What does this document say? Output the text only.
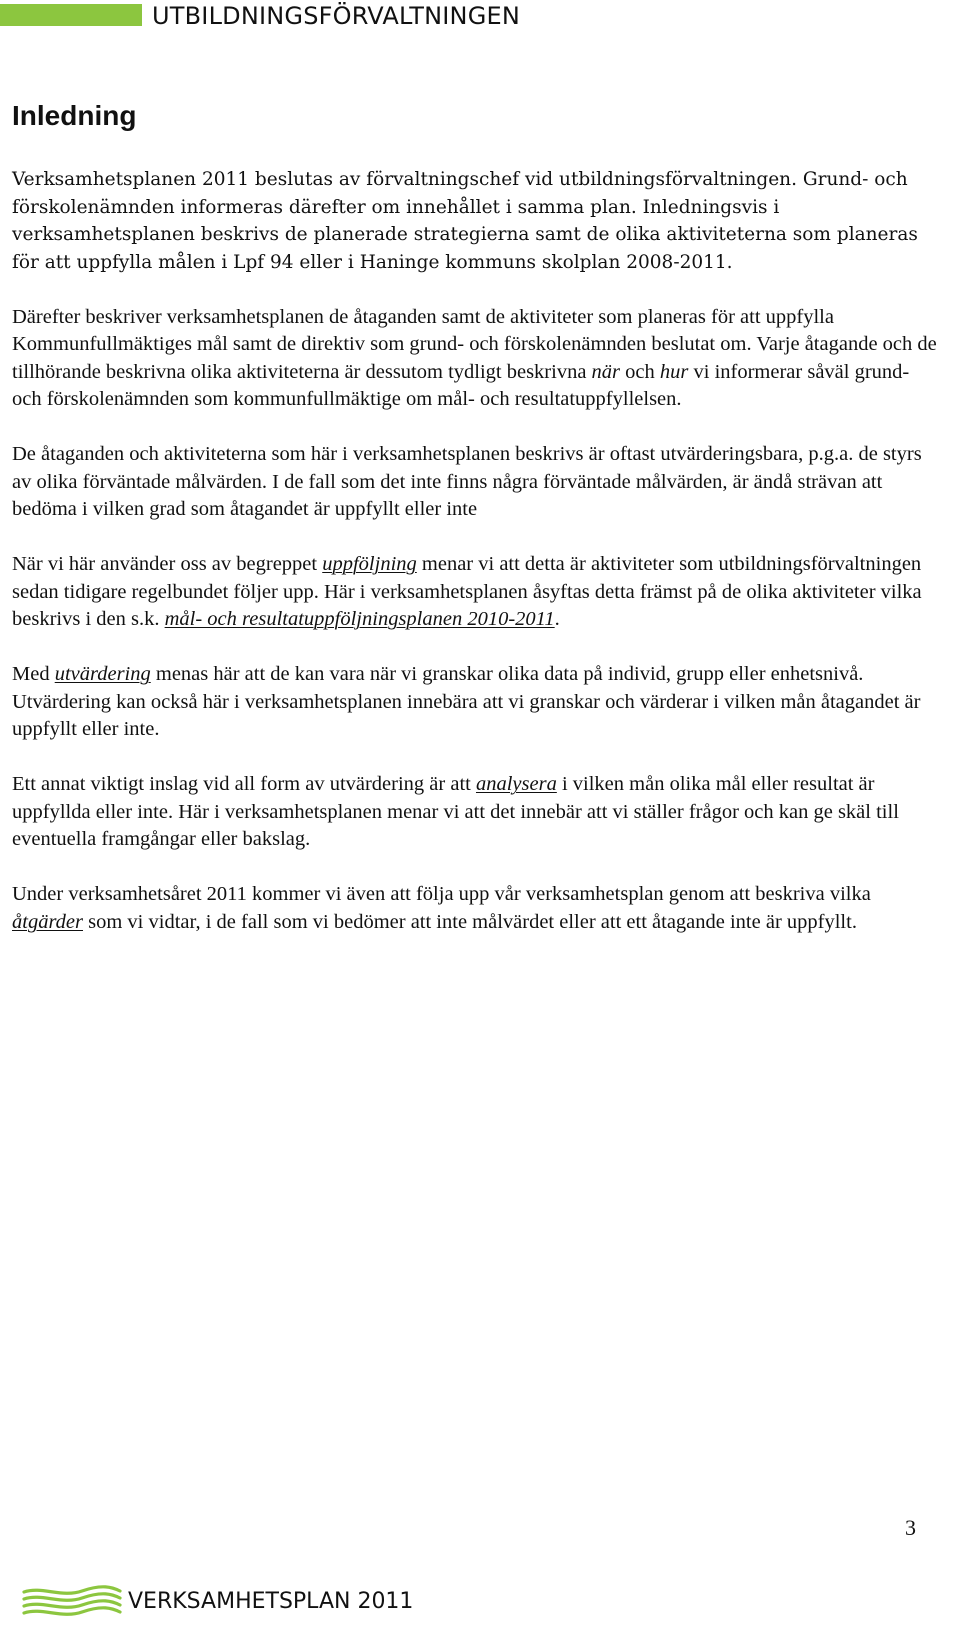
UTBILDNINGSFÖRVALTNINGEN
Inledning

Verksamhetsplanen 2011 beslutas av förvaltningschef vid utbildningsförvaltningen. Grund- och förskolenämnden informeras därefter om innehållet i samma plan. Inledningsvis i verksamhetsplanen beskrivs de planerade strategierna samt de olika aktiviteterna som planeras för att uppfylla målen i Lpf 94 eller i Haninge kommuns skolplan 2008-2011.

Därefter beskriver verksamhetsplanen de åtaganden samt de aktiviteter som planeras för att uppfylla Kommunfullmäktiges mål samt de direktiv som grund- och förskolenämnden beslutat om. Varje åtagande och de tillhörande beskrivna olika aktiviteterna är dessutom tydligt beskrivna när och hur vi informerar såväl grund- och förskolenämnden som kommunfullmäktige om mål- och resultatuppfyllelsen.

De åtaganden och aktiviteterna som här i verksamhetsplanen beskrivs är oftast utvärderingsbara, p.g.a. de styrs av olika förväntade målvärden. I de fall som det inte finns några förväntade målvärden, är ändå strävan att bedöma i vilken grad som åtagandet är uppfyllt eller inte

När vi här använder oss av begreppet uppföljning menar vi att detta är aktiviteter som utbildningsförvaltningen sedan tidigare regelbundet följer upp. Här i verksamhetsplanen åsyftas detta främst på de olika aktiviteter vilka beskrivs i den s.k. mål- och resultatuppföljningsplanen 2010-2011.

Med utvärdering menas här att de kan vara när vi granskar olika data på individ, grupp eller enhetsnivå. Utvärdering kan också här i verksamhetsplanen innebära att vi granskar och värderar i vilken mån åtagandet är uppfyllt eller inte.

Ett annat viktigt inslag vid all form av utvärdering är att analysera i vilken mån olika mål eller resultat är uppfyllda eller inte. Här i verksamhetsplanen menar vi att det innebär att vi ställer frågor och kan ge skäl till eventuella framgångar eller bakslag.

Under verksamhetsåret 2011 kommer vi även att följa upp vår verksamhetsplan genom att beskriva vilka åtgärder som vi vidtar, i de fall som vi bedömer att inte målvärdet eller att ett åtagande inte är uppfyllt.

3
VERKSAMHETSPLAN 2011
